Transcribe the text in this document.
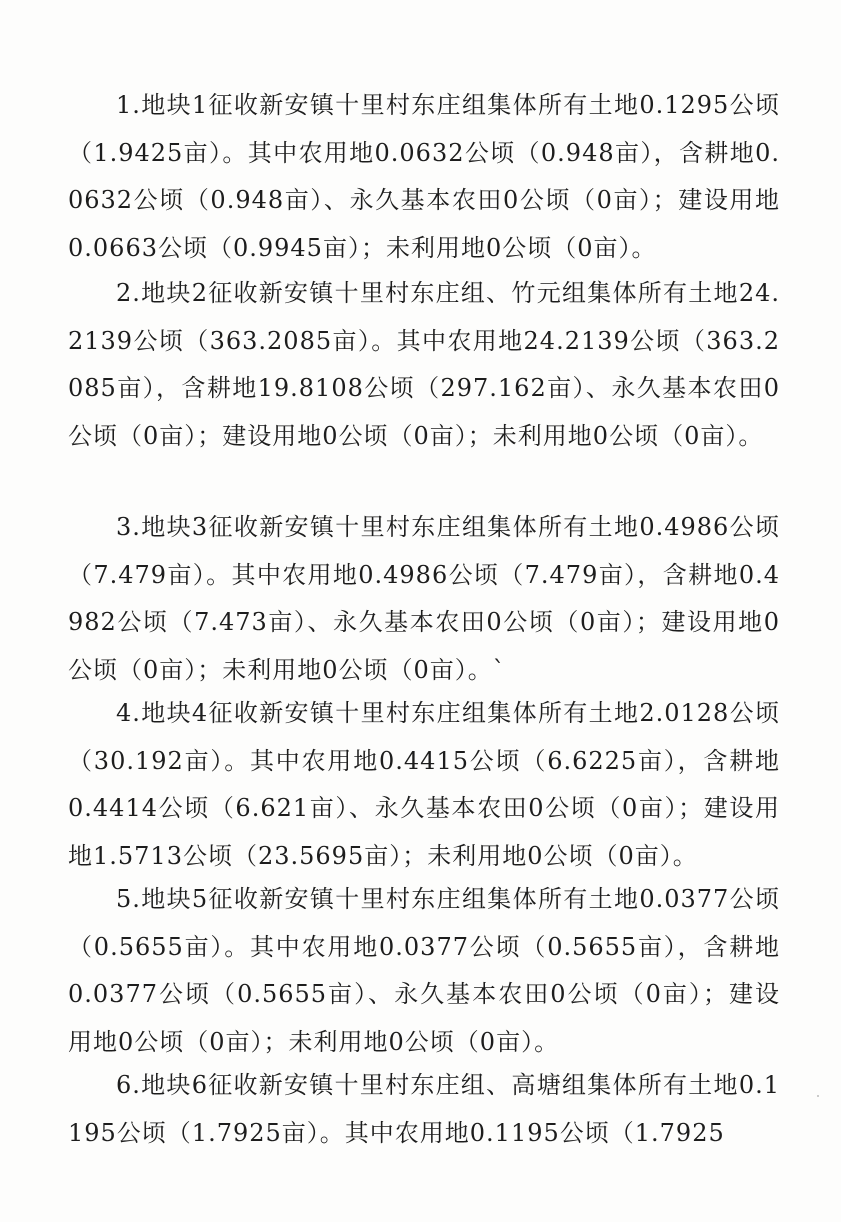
1.地块1征收新安镇十里村东庄组集体所有土地0.1295公顷（1.9425亩）。其中农用地0.0632公顷（0.948亩），含耕地0.0632公顷（0.948亩）、永久基本农田0公顷（0亩）；建设用地0.0663公顷（0.9945亩）；未利用地0公顷（0亩）。

2.地块2征收新安镇十里村东庄组、竹元组集体所有土地24.2139公顷（363.2085亩）。其中农用地24.2139公顷（363.2085亩），含耕地19.8108公顷（297.162亩）、永久基本农田0公顷（0亩）；建设用地0公顷（0亩）；未利用地0公顷（0亩）。

3.地块3征收新安镇十里村东庄组集体所有土地0.4986公顷（7.479亩）。其中农用地0.4986公顷（7.479亩），含耕地0.4982公顷（7.473亩）、永久基本农田0公顷（0亩）；建设用地0公顷（0亩）；未利用地0公顷（0亩）。`

4.地块4征收新安镇十里村东庄组集体所有土地2.0128公顷（30.192亩）。其中农用地0.4415公顷（6.6225亩），含耕地0.4414公顷（6.621亩）、永久基本农田0公顷（0亩）；建设用地1.5713公顷（23.5695亩）；未利用地0公顷（0亩）。

5.地块5征收新安镇十里村东庄组集体所有土地0.0377公顷（0.5655亩）。其中农用地0.0377公顷（0.5655亩），含耕地0.0377公顷（0.5655亩）、永久基本农田0公顷（0亩）；建设用地0公顷（0亩）；未利用地0公顷（0亩）。

6.地块6征收新安镇十里村东庄组、高塘组集体所有土地0.1195公顷（1.7925亩）。其中农用地0.1195公顷（1.7925
